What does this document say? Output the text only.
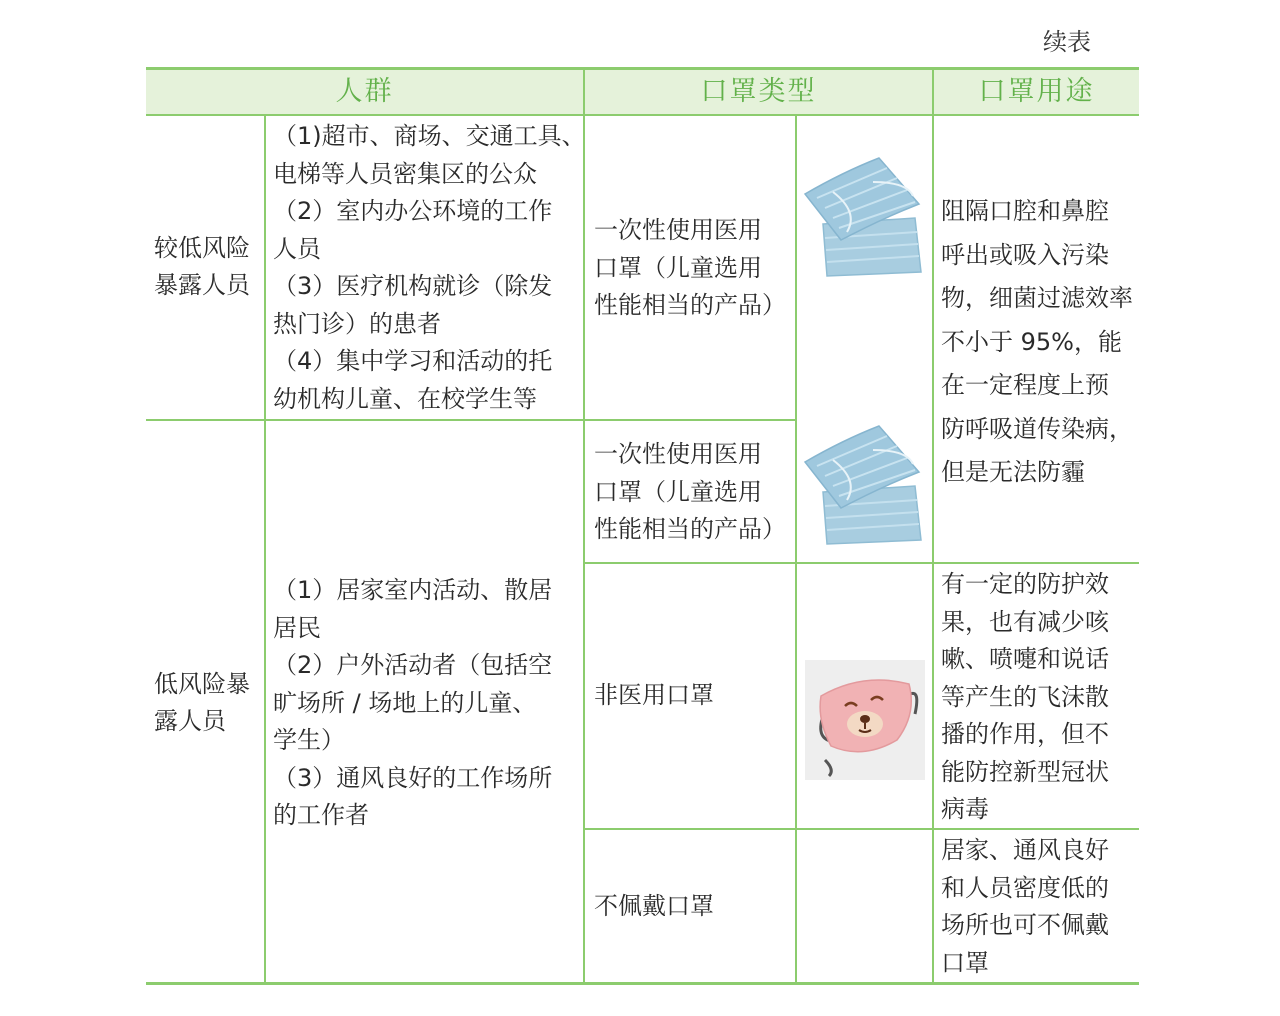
续表
人群	口罩类型	口罩用途
较低风险
暴露人员
（1)超市、商场、交通工具、
电梯等人员密集区的公众
（2）室内办公环境的工作
人员
（3）医疗机构就诊（除发
热门诊）的患者
（4）集中学习和活动的托
幼机构儿童、在校学生等
一次性使用医用
口罩（儿童选用
性能相当的产品）
阻隔口腔和鼻腔
呼出或吸入污染
物，细菌过滤效率
不小于 95%，能
在一定程度上预
防呼吸道传染病，
但是无法防霾
低风险暴
露人员
（1）居家室内活动、散居
居民
（2）户外活动者（包括空
旷场所 / 场地上的儿童、
学生）
（3）通风良好的工作场所
的工作者
一次性使用医用
口罩（儿童选用
性能相当的产品）
非医用口罩
有一定的防护效
果，也有减少咳
嗽、喷嚏和说话
等产生的飞沫散
播的作用，但不
能防控新型冠状
病毒
不佩戴口罩
居家、通风良好
和人员密度低的
场所也可不佩戴
口罩
